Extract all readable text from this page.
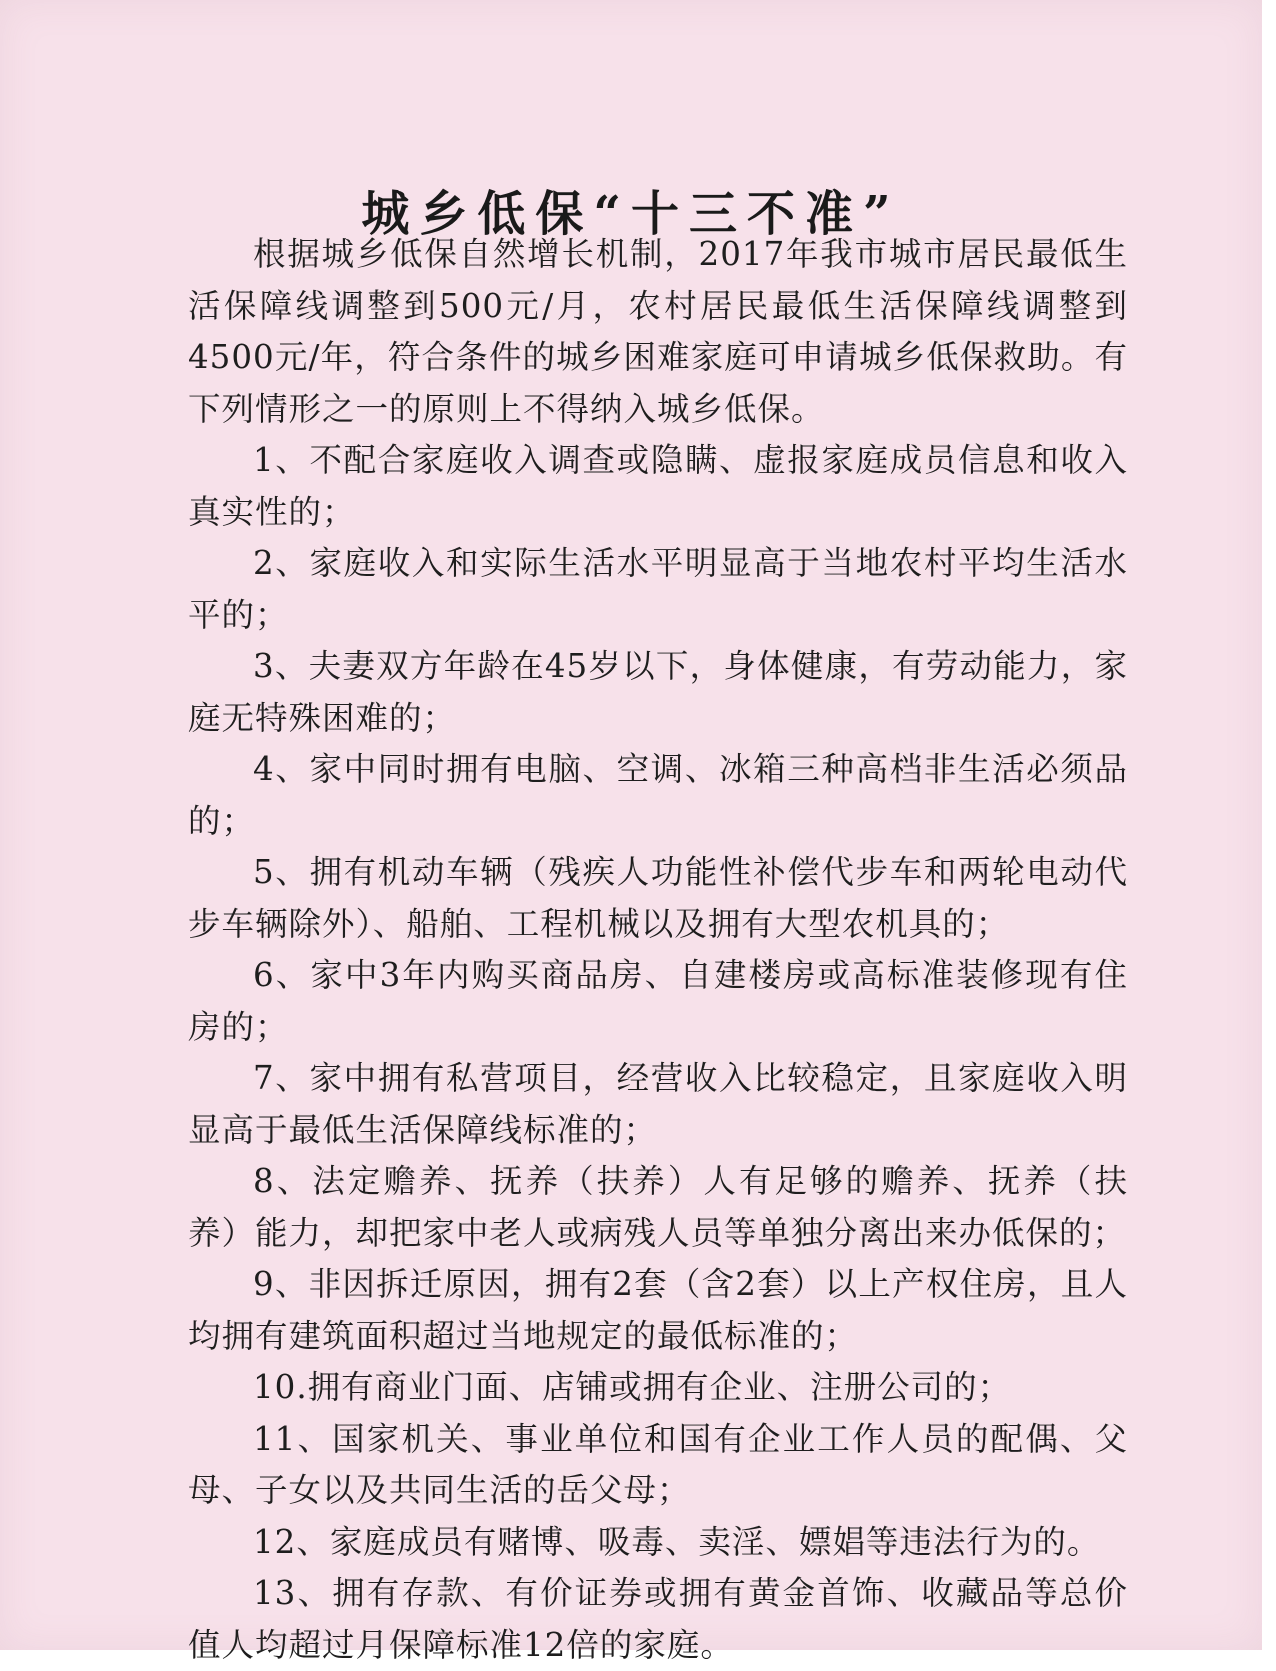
城乡低保“十三不准”

根据城乡低保自然增长机制，2017年我市城市居民最低生活保障线调整到500元/月，农村居民最低生活保障线调整到4500元/年，符合条件的城乡困难家庭可申请城乡低保救助。有下列情形之一的原则上不得纳入城乡低保。

1、不配合家庭收入调查或隐瞒、虚报家庭成员信息和收入真实性的；

2、家庭收入和实际生活水平明显高于当地农村平均生活水平的；

3、夫妻双方年龄在45岁以下，身体健康，有劳动能力，家庭无特殊困难的；

4、家中同时拥有电脑、空调、冰箱三种高档非生活必须品的；

5、拥有机动车辆（残疾人功能性补偿代步车和两轮电动代步车辆除外）、船舶、工程机械以及拥有大型农机具的；

6、家中3年内购买商品房、自建楼房或高标准装修现有住房的；

7、家中拥有私营项目，经营收入比较稳定，且家庭收入明显高于最低生活保障线标准的；

8、法定赡养、抚养（扶养）人有足够的赡养、抚养（扶养）能力，却把家中老人或病残人员等单独分离出来办低保的；

9、非因拆迁原因，拥有2套（含2套）以上产权住房，且人均拥有建筑面积超过当地规定的最低标准的；

10.拥有商业门面、店铺或拥有企业、注册公司的；

11、国家机关、事业单位和国有企业工作人员的配偶、父母、子女以及共同生活的岳父母；

12、家庭成员有赌博、吸毒、卖淫、嫖娼等违法行为的。

13、拥有存款、有价证券或拥有黄金首饰、收藏品等总价值人均超过月保障标准12倍的家庭。
